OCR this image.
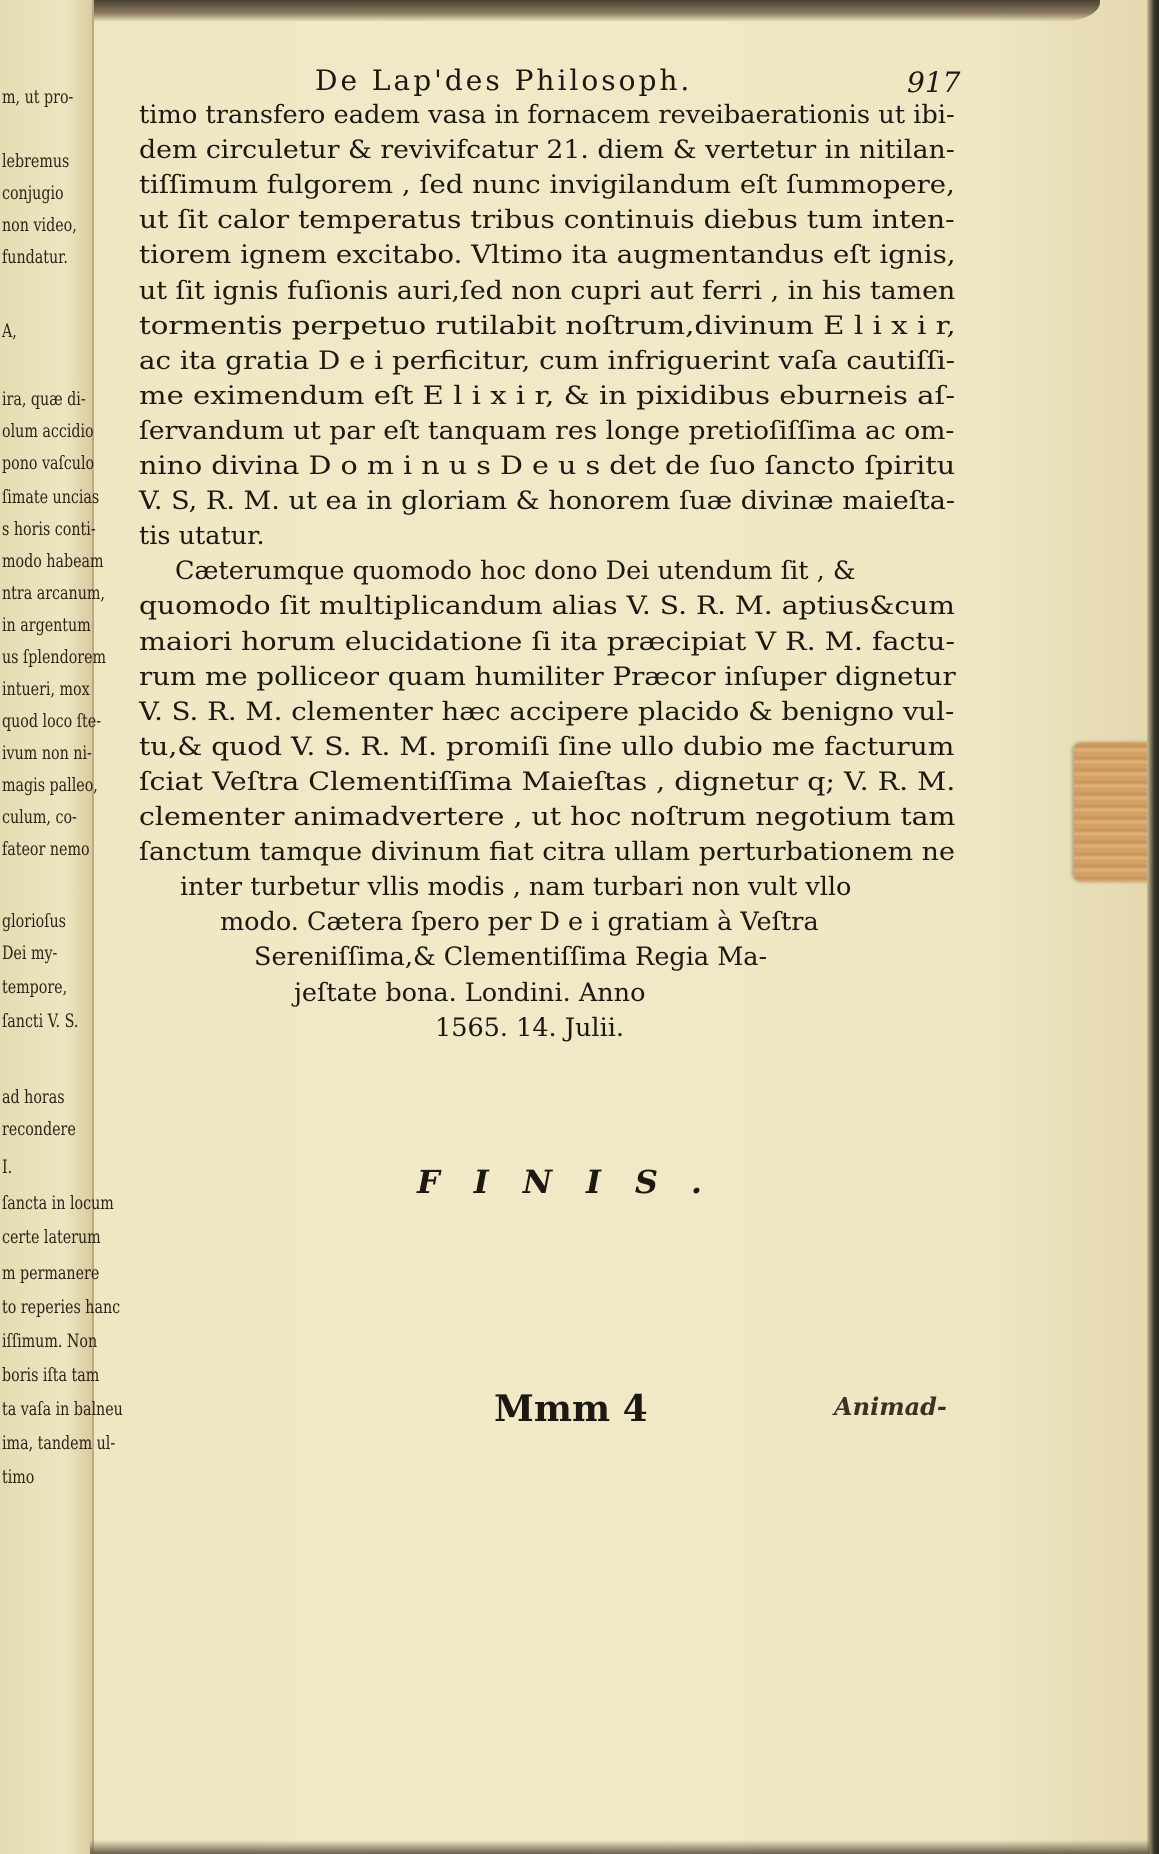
m, ut pro-
lebremus
conjugio
non video,
fundatur.
A,
ira, quæ di-
olum accidio
pono vaſculo
ſimate uncias
s horis conti-
modo habeam
ntra arcanum,
in argentum
us ſplendorem
intueri, mox
quod loco ſte-
ivum non ni-
magis palleo,
culum, co-
fateor nemo
glorioſus
Dei my-
tempore,
ſancti V. S.
ad horas
recondere
I.
ſancta in locum
certe laterum
m permanere
to reperies hanc
iſſimum. Non
boris iſta tam
ta vaſa in balneu
ima, tandem ul-
timo
De Lap'des Philosoph.	917
timo transfero eadem vasa in fornacem reveibaerationis ut ibi-
dem circuletur & revivifcatur 21. diem & vertetur in nitilan-
tiſſimum fulgorem , ſed nunc invigilandum eſt ſummopere,
ut ſit calor temperatus tribus continuis diebus tum inten-
tiorem ignem excitabo. Vltimo ita augmentandus eſt ignis,
ut ſit ignis fuſionis auri,ſed non cupri aut ferri , in his tamen
tormentis perpetuo rutilabit noſtrum,divinum E l i x i r,
ac ita gratia D e i perficitur, cum infriguerint vaſa cautiſſi-
me eximendum eſt E l i x i r, & in pixidibus eburneis aſ-
ſervandum ut par eſt tanquam res longe pretioſiſſima ac om-
nino divina D o m i n u s D e u s det de ſuo ſancto ſpiritu
V. S, R. M. ut ea in gloriam & honorem ſuæ divinæ maieſta-
tis utatur.
Cæterumque quomodo hoc dono Dei utendum ſit , &
quomodo ſit multiplicandum alias V. S. R. M. aptius&cum
maiori horum elucidatione ſi ita præcipiat V R. M. factu-
rum me polliceor quam humiliter Præcor inſuper dignetur
V. S. R. M. clementer hæc accipere placido & benigno vul-
tu,& quod V. S. R. M. promiſi ſine ullo dubio me facturum
ſciat Veſtra Clementiſſima Maieſtas , dignetur q; V. R. M.
clementer animadvertere , ut hoc noſtrum negotium tam
ſanctum tamque divinum fiat citra ullam perturbationem ne
inter turbetur vllis modis , nam turbari non vult vllo
modo. Cætera ſpero per D e i gratiam à Veſtra
Sereniſſima,& Clementiſſima Regia Ma-
jeſtate bona. Londini. Anno
1565. 14. Julii.
FINIS.
Mmm 4	Animad-
